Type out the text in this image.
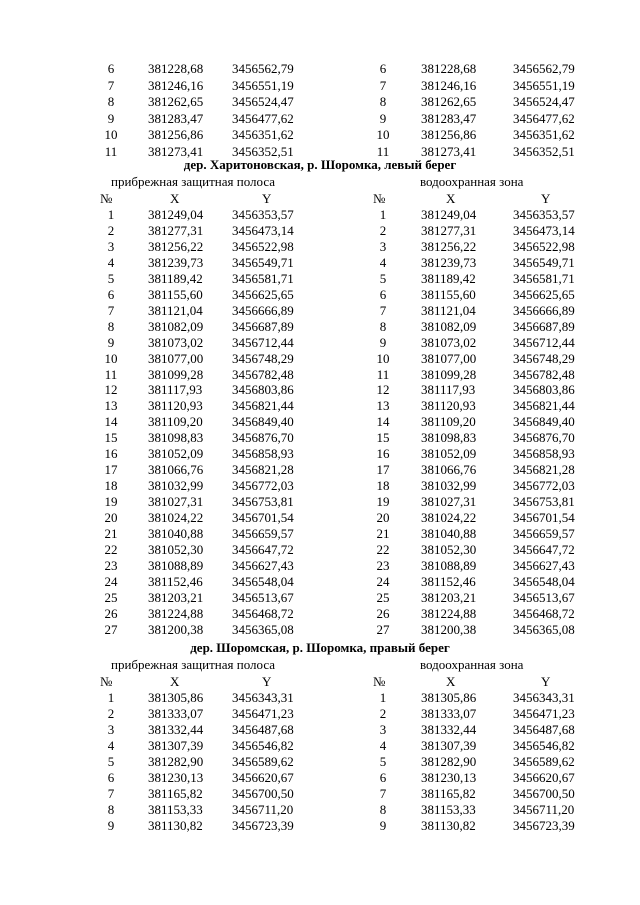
6	381228,68 3456562,79	6	381228,68	3456562,79
7	381246,16 3456551,19	7	381246,16	3456551,19
8	381262,65 3456524,47	8	381262,65	3456524,47
9	381283,47 3456477,62	9	381283,47	3456477,62
10 381256,86 3456351,62	10 381256,86	3456351,62
11 381273,41 3456352,51	11 381273,41	3456352,51
дер. Харитоновская, р. Шоромка, левый берег
прибрежная защитная полоса	водоохранная зона
№	X	Y	№	X	Y
1	381249,04 3456353,57	1	381249,04	3456353,57
2	381277,31 3456473,14	2	381277,31	3456473,14
3	381256,22 3456522,98	3	381256,22	3456522,98
4	381239,73 3456549,71	4	381239,73	3456549,71
5	381189,42 3456581,71	5	381189,42	3456581,71
6	381155,60 3456625,65	6	381155,60	3456625,65
7	381121,04 3456666,89	7	381121,04	3456666,89
8	381082,09 3456687,89	8	381082,09	3456687,89
9	381073,02 3456712,44	9	381073,02	3456712,44
10 381077,00 3456748,29	10 381077,00	3456748,29
11 381099,28 3456782,48	11 381099,28	3456782,48
12 381117,93 3456803,86	12 381117,93	3456803,86
13 381120,93 3456821,44	13 381120,93	3456821,44
14 381109,20 3456849,40	14 381109,20	3456849,40
15 381098,83 3456876,70	15 381098,83	3456876,70
16 381052,09 3456858,93	16 381052,09	3456858,93
17 381066,76 3456821,28	17 381066,76	3456821,28
18 381032,99 3456772,03	18 381032,99	3456772,03
19 381027,31 3456753,81	19 381027,31	3456753,81
20 381024,22 3456701,54	20 381024,22	3456701,54
21 381040,88 3456659,57	21 381040,88	3456659,57
22 381052,30 3456647,72	22 381052,30	3456647,72
23 381088,89 3456627,43	23 381088,89	3456627,43
24 381152,46 3456548,04	24 381152,46	3456548,04
25 381203,21 3456513,67	25 381203,21	3456513,67
26 381224,88 3456468,72	26 381224,88	3456468,72
27 381200,38 3456365,08	27 381200,38	3456365,08
дер. Шоромская, р. Шоромка, правый берег
прибрежная защитная полоса	водоохранная зона
№	X	Y	№	X	Y
1	381305,86 3456343,31	1	381305,86	3456343,31
2	381333,07 3456471,23	2	381333,07	3456471,23
3	381332,44 3456487,68	3	381332,44	3456487,68
4	381307,39 3456546,82	4	381307,39	3456546,82
5	381282,90 3456589,62	5	381282,90	3456589,62
6	381230,13 3456620,67	6	381230,13	3456620,67
7	381165,82 3456700,50	7	381165,82	3456700,50
8	381153,33 3456711,20	8	381153,33	3456711,20
9	381130,82 3456723,39	9	381130,82	3456723,39
